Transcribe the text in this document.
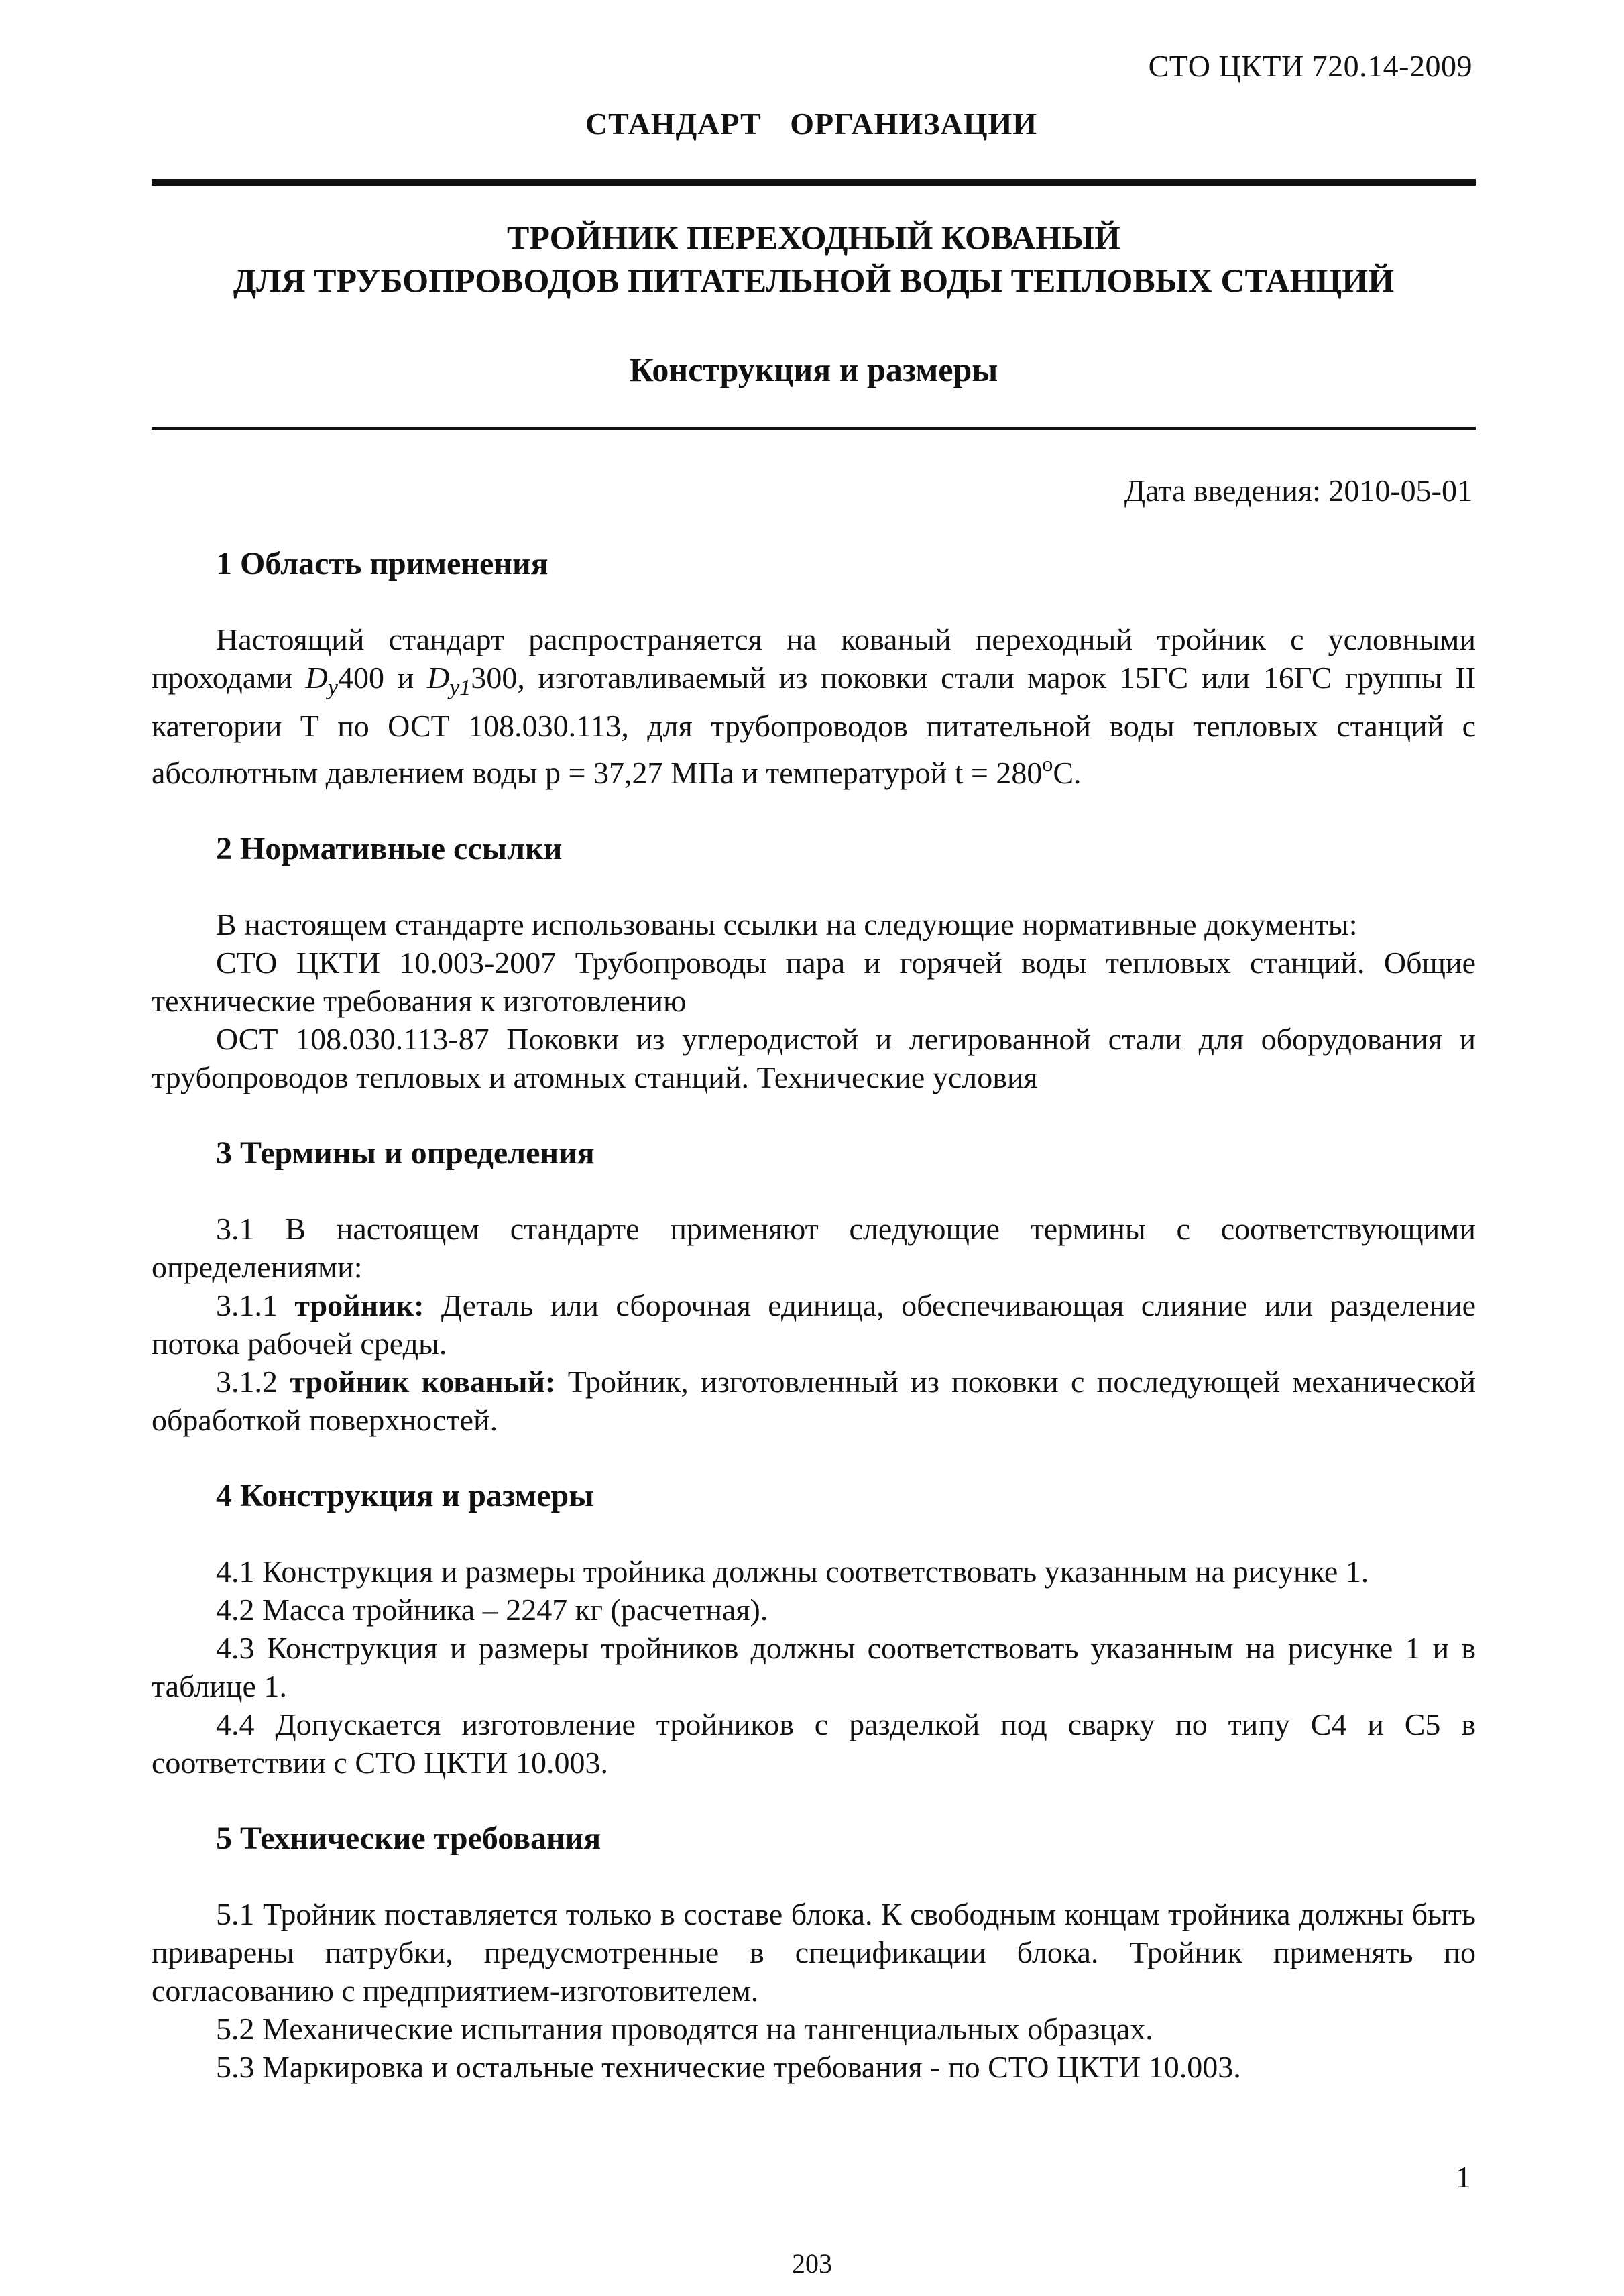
СТО ЦКТИ 720.14-2009
СТАНДАРТ ОРГАНИЗАЦИИ
ТРОЙНИК ПЕРЕХОДНЫЙ КОВАНЫЙ
ДЛЯ ТРУБОПРОВОДОВ ПИТАТЕЛЬНОЙ ВОДЫ ТЕПЛОВЫХ СТАНЦИЙ
Конструкция и размеры
Дата введения: 2010-05-01
1 Область применения

Настоящий стандарт распространяется на кованый переходный тройник с условными проходами $D_y400$ и $D_{y1}300$, изготавливаемый из поковки стали марок 15ГС или 16ГС группы II категории Т по ОСТ 108.030.113, для трубопроводов питательной воды тепловых станций с абсолютным давлением воды p = 37,27 МПа и температурой $t = 280^оС$.

2 Нормативные ссылки

В настоящем стандарте использованы ссылки на следующие нормативные документы:

СТО ЦКТИ 10.003-2007 Трубопроводы пара и горячей воды тепловых станций. Общие технические требования к изготовлению

ОСТ 108.030.113-87 Поковки из углеродистой и легированной стали для оборудования и трубопроводов тепловых и атомных станций. Технические условия

3 Термины и определения

3.1 В настоящем стандарте применяют следующие термины с соответствующими определениями:

3.1.1 тройник: Деталь или сборочная единица, обеспечивающая слияние или разделение потока рабочей среды.

3.1.2 тройник кованый: Тройник, изготовленный из поковки с последующей механической обработкой поверхностей.

4 Конструкция и размеры

4.1 Конструкция и размеры тройника должны соответствовать указанным на рисунке 1.

4.2 Масса тройника – 2247 кг (расчетная).

4.3 Конструкция и размеры тройников должны соответствовать указанным на рисунке 1 и в таблице 1.

4.4 Допускается изготовление тройников с разделкой под сварку по типу С4 и С5 в соответствии с СТО ЦКТИ 10.003.

5 Технические требования

5.1 Тройник поставляется только в составе блока. К свободным концам тройника должны быть приварены патрубки, предусмотренные в спецификации блока. Тройник применять по согласованию с предприятием-изготовителем.

5.2 Механические испытания проводятся на тангенциальных образцах.

5.3 Маркировка и остальные технические требования - по СТО ЦКТИ 10.003.

1
203
